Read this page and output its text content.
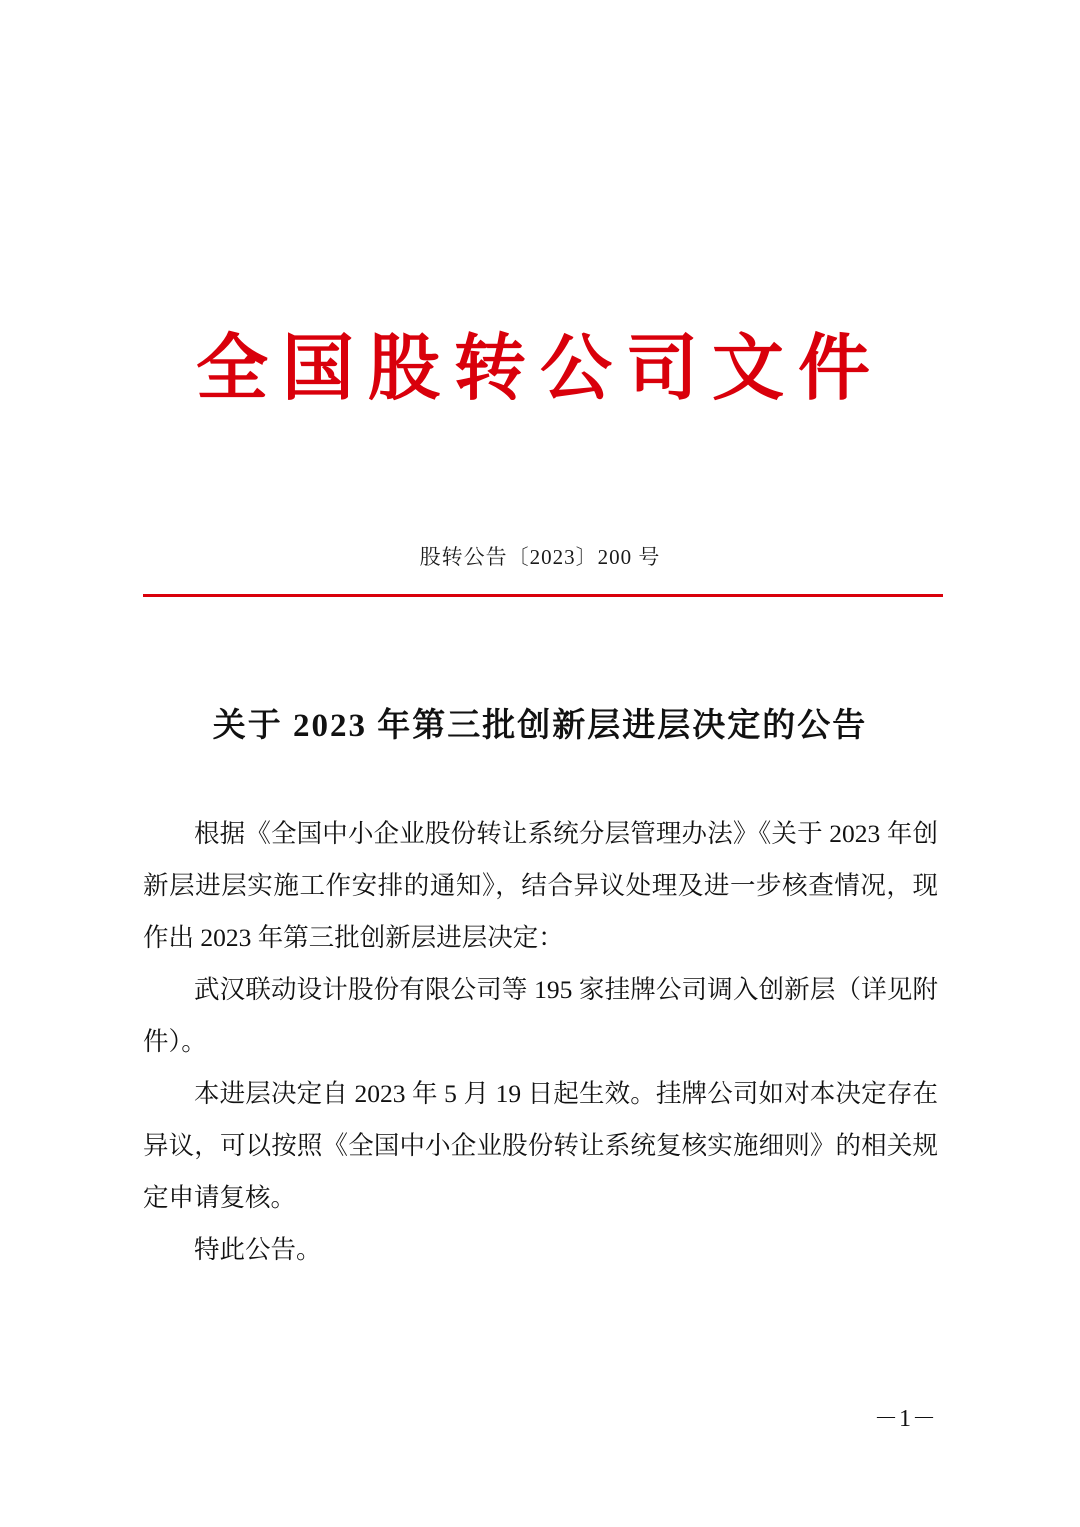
全国股转公司文件
股转公告〔2023〕200 号
关于 2023 年第三批创新层进层决定的公告

根据《全国中小企业股份转让系统分层管理办法》《关于 2023 年创新层进层实施工作安排的通知》，结合异议处理及进一步核查情况，现作出 2023 年第三批创新层进层决定：

武汉联动设计股份有限公司等 195 家挂牌公司调入创新层（详见附件）。

本进层决定自 2023 年 5 月 19 日起生效。挂牌公司如对本决定存在异议，可以按照《全国中小企业股份转让系统复核实施细则》的相关规定申请复核。

特此公告。

－1－
